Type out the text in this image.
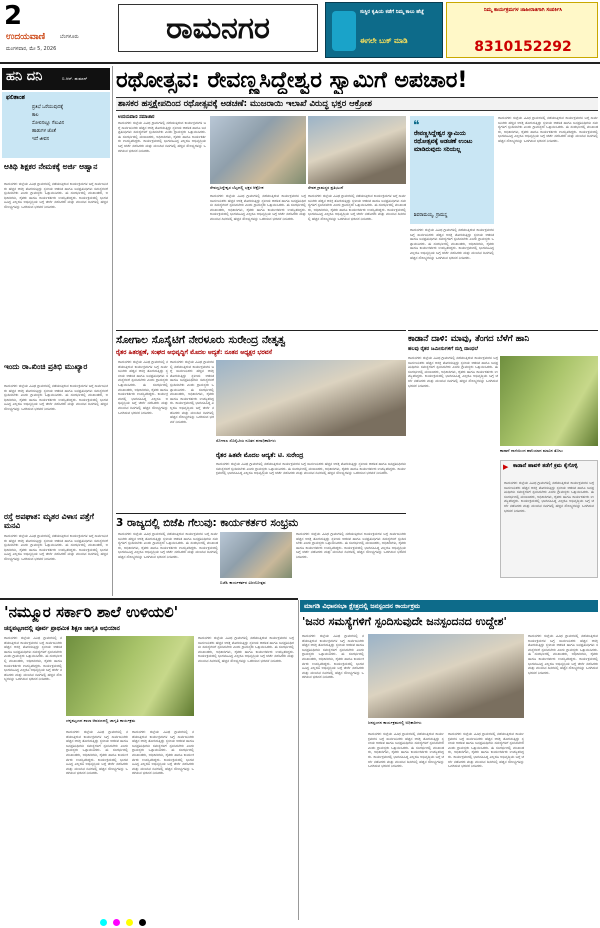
2
ಉದಯವಾಣಿ	ಬೆಂಗಳೂರು
ಮಂಗಳವಾರ, ಮೇ 5, 2026
ರಾಮನಗರ	ಸುಸ್ಥಿರ ಕೃಷಿಯ ಕಡೆಗೆ ನಿಮ್ಮ ಕಾಲು ಹೆಜ್ಜೆ
ಈಗಲೇ ಬುಕ್ ಮಾಡಿ
ನಿಮ್ಮ ಕಾರ್ಯಕ್ರಮಗಳ ಜಾಹೀರಾತಿಗಾಗಿ ಸಂಪರ್ಕಿಸಿ
8310152292
ಹನಿ ದನಿ	ಬಿ.ಆರ್. ಹುಮಾನ್
ಫಲಿತಾಂಶ
ಪ್ರತಿಭೆ ಒರೆಯುವುದಕ್ಕೆ
ಕಾಲ
ಸೋಲಿನಲ್ಲೂ ಗೆಲುವಿನ
ಹಾಡುಗಳ ಜೊತೆ
ಇದೆ ಜೀವನ
ಆತಿಥಿ ಶಿಕ್ಷಕರ ನೇಮಕಕ್ಕೆ ಅರ್ಜಿ ಆಹ್ವಾನ
ರಾಮನಗರ: ಜಿಲ್ಲೆಯ ವಿವಿಧ ಗ್ರಾಮಗಳಲ್ಲಿ ನಡೆಯುತ್ತಿರುವ ಕಾರ್ಯಕ್ರಮಗಳ ಬಗ್ಗೆ ಸಾರ್ವಜನಿಕರು ಹೆಚ್ಚಿನ ಆಸಕ್ತಿ ತೋರಿಸುತ್ತಿದ್ದು ಸ್ಥಳೀಯ ಆಡಳಿತ ಹಾಗೂ ಜನಪ್ರತಿನಿಧಿಗಳು ಸಮಸ್ಯೆಗಳಿಗೆ ಸ್ಪಂದಿಸಬೇಕು ಎಂದು ಗ್ರಾಮಸ್ಥರು ಒತ್ತಾಯಿಸಿದರು. ಈ ಸಂದರ್ಭದಲ್ಲಿ ಮುಖಂಡರು, ಅಧಿಕಾರಿಗಳು, ರೈತರು ಹಾಗೂ ಕಾರ್ಯಕರ್ತರು ಉಪಸ್ಥಿತರಿದ್ದರು. ಕಾರ್ಯಕ್ರಮದಲ್ಲಿ ಭಾಗವಹಿಸಿದ್ದ ಎಲ್ಲರೂ ಅಭಿವೃದ್ಧಿಯ ಬಗ್ಗೆ ಚರ್ಚೆ ನಡೆಸಿದರು ಮತ್ತು ಮುಂದಿನ ದಿನಗಳಲ್ಲಿ ಹೆಚ್ಚಿನ ಸೌಲಭ್ಯಗಳನ್ನು ಒದಗಿಸುವ ಭರವಸೆ ನೀಡಿದರು.
ಇಂದು ರಾ.ಖಿಂಚಿ ಪ್ರತಿಭಿ ಮುಖ್ಯಾರ
ರಾಮನಗರ: ಜಿಲ್ಲೆಯ ವಿವಿಧ ಗ್ರಾಮಗಳಲ್ಲಿ ನಡೆಯುತ್ತಿರುವ ಕಾರ್ಯಕ್ರಮಗಳ ಬಗ್ಗೆ ಸಾರ್ವಜನಿಕರು ಹೆಚ್ಚಿನ ಆಸಕ್ತಿ ತೋರಿಸುತ್ತಿದ್ದು ಸ್ಥಳೀಯ ಆಡಳಿತ ಹಾಗೂ ಜನಪ್ರತಿನಿಧಿಗಳು ಸಮಸ್ಯೆಗಳಿಗೆ ಸ್ಪಂದಿಸಬೇಕು ಎಂದು ಗ್ರಾಮಸ್ಥರು ಒತ್ತಾಯಿಸಿದರು. ಈ ಸಂದರ್ಭದಲ್ಲಿ ಮುಖಂಡರು, ಅಧಿಕಾರಿಗಳು, ರೈತರು ಹಾಗೂ ಕಾರ್ಯಕರ್ತರು ಉಪಸ್ಥಿತರಿದ್ದರು. ಕಾರ್ಯಕ್ರಮದಲ್ಲಿ ಭಾಗವಹಿಸಿದ್ದ ಎಲ್ಲರೂ ಅಭಿವೃದ್ಧಿಯ ಬಗ್ಗೆ ಚರ್ಚೆ ನಡೆಸಿದರು ಮತ್ತು ಮುಂದಿನ ದಿನಗಳಲ್ಲಿ ಹೆಚ್ಚಿನ ಸೌಲಭ್ಯಗಳನ್ನು ಒದಗಿಸುವ ಭರವಸೆ ನೀಡಿದರು.
ರಸ್ತೆ ಅಪಘಾತ: ಮೃತರ ವಿಳಾಸ ಪತ್ತೆಗೆ ಮನವಿ
ರಾಮನಗರ: ಜಿಲ್ಲೆಯ ವಿವಿಧ ಗ್ರಾಮಗಳಲ್ಲಿ ನಡೆಯುತ್ತಿರುವ ಕಾರ್ಯಕ್ರಮಗಳ ಬಗ್ಗೆ ಸಾರ್ವಜನಿಕರು ಹೆಚ್ಚಿನ ಆಸಕ್ತಿ ತೋರಿಸುತ್ತಿದ್ದು ಸ್ಥಳೀಯ ಆಡಳಿತ ಹಾಗೂ ಜನಪ್ರತಿನಿಧಿಗಳು ಸಮಸ್ಯೆಗಳಿಗೆ ಸ್ಪಂದಿಸಬೇಕು ಎಂದು ಗ್ರಾಮಸ್ಥರು ಒತ್ತಾಯಿಸಿದರು. ಈ ಸಂದರ್ಭದಲ್ಲಿ ಮುಖಂಡರು, ಅಧಿಕಾರಿಗಳು, ರೈತರು ಹಾಗೂ ಕಾರ್ಯಕರ್ತರು ಉಪಸ್ಥಿತರಿದ್ದರು. ಕಾರ್ಯಕ್ರಮದಲ್ಲಿ ಭಾಗವಹಿಸಿದ್ದ ಎಲ್ಲರೂ ಅಭಿವೃದ್ಧಿಯ ಬಗ್ಗೆ ಚರ್ಚೆ ನಡೆಸಿದರು ಮತ್ತು ಮುಂದಿನ ದಿನಗಳಲ್ಲಿ ಹೆಚ್ಚಿನ ಸೌಲಭ್ಯಗಳನ್ನು ಒದಗಿಸುವ ಭರವಸೆ ನೀಡಿದರು.
ರಥೋತ್ಸವ: ರೇವಣ್ಣಸಿದ್ದೇಶ್ವರ ಸ್ವಾಮಿಗೆ ಅಪಚಾರ!
ಶಾಸಕರ ಹಸ್ತಕ್ಷೇಪದಿಂದ ರಥೋತ್ಸವಕ್ಕೆ ಅಡಚಣೆ: ಮುಜರಾಯಿ ಇಲಾಖೆ ವಿರುದ್ಧ ಭಕ್ತರ ಆಕ್ರೋಶ
ಉದಯವಾಣಿ ಸಮಾಚಾರ
ರಾಮನಗರ: ಜಿಲ್ಲೆಯ ವಿವಿಧ ಗ್ರಾಮಗಳಲ್ಲಿ ನಡೆಯುತ್ತಿರುವ ಕಾರ್ಯಕ್ರಮಗಳ ಬಗ್ಗೆ ಸಾರ್ವಜನಿಕರು ಹೆಚ್ಚಿನ ಆಸಕ್ತಿ ತೋರಿಸುತ್ತಿದ್ದು ಸ್ಥಳೀಯ ಆಡಳಿತ ಹಾಗೂ ಜನಪ್ರತಿನಿಧಿಗಳು ಸಮಸ್ಯೆಗಳಿಗೆ ಸ್ಪಂದಿಸಬೇಕು ಎಂದು ಗ್ರಾಮಸ್ಥರು ಒತ್ತಾಯಿಸಿದರು. ಈ ಸಂದರ್ಭದಲ್ಲಿ ಮುಖಂಡರು, ಅಧಿಕಾರಿಗಳು, ರೈತರು ಹಾಗೂ ಕಾರ್ಯಕರ್ತರು ಉಪಸ್ಥಿತರಿದ್ದರು. ಕಾರ್ಯಕ್ರಮದಲ್ಲಿ ಭಾಗವಹಿಸಿದ್ದ ಎಲ್ಲರೂ ಅಭಿವೃದ್ಧಿಯ ಬಗ್ಗೆ ಚರ್ಚೆ ನಡೆಸಿದರು ಮತ್ತು ಮುಂದಿನ ದಿನಗಳಲ್ಲಿ ಹೆಚ್ಚಿನ ಸೌಲಭ್ಯಗಳನ್ನು ಒದಗಿಸುವ ಭರವಸೆ ನೀಡಿದರು.
ರೇವಣ್ಣಸಿದ್ದೇಶ್ವರ ಬೆಟ್ಟದಲ್ಲಿ ಭಕ್ತರ ಆಕ್ರೋಶ	ಸೇವಕ ಗ್ರಾಮಸ್ಥರ ಪ್ರತಿಭಟನೆ
ರಾಮನಗರ: ಜಿಲ್ಲೆಯ ವಿವಿಧ ಗ್ರಾಮಗಳಲ್ಲಿ ನಡೆಯುತ್ತಿರುವ ಕಾರ್ಯಕ್ರಮಗಳ ಬಗ್ಗೆ ಸಾರ್ವಜನಿಕರು ಹೆಚ್ಚಿನ ಆಸಕ್ತಿ ತೋರಿಸುತ್ತಿದ್ದು ಸ್ಥಳೀಯ ಆಡಳಿತ ಹಾಗೂ ಜನಪ್ರತಿನಿಧಿಗಳು ಸಮಸ್ಯೆಗಳಿಗೆ ಸ್ಪಂದಿಸಬೇಕು ಎಂದು ಗ್ರಾಮಸ್ಥರು ಒತ್ತಾಯಿಸಿದರು. ಈ ಸಂದರ್ಭದಲ್ಲಿ ಮುಖಂಡರು, ಅಧಿಕಾರಿಗಳು, ರೈತರು ಹಾಗೂ ಕಾರ್ಯಕರ್ತರು ಉಪಸ್ಥಿತರಿದ್ದರು. ಕಾರ್ಯಕ್ರಮದಲ್ಲಿ ಭಾಗವಹಿಸಿದ್ದ ಎಲ್ಲರೂ ಅಭಿವೃದ್ಧಿಯ ಬಗ್ಗೆ ಚರ್ಚೆ ನಡೆಸಿದರು ಮತ್ತು ಮುಂದಿನ ದಿನಗಳಲ್ಲಿ ಹೆಚ್ಚಿನ ಸೌಲಭ್ಯಗಳನ್ನು ಒದಗಿಸುವ ಭರವಸೆ ನೀಡಿದರು.
ರಾಮನಗರ: ಜಿಲ್ಲೆಯ ವಿವಿಧ ಗ್ರಾಮಗಳಲ್ಲಿ ನಡೆಯುತ್ತಿರುವ ಕಾರ್ಯಕ್ರಮಗಳ ಬಗ್ಗೆ ಸಾರ್ವಜನಿಕರು ಹೆಚ್ಚಿನ ಆಸಕ್ತಿ ತೋರಿಸುತ್ತಿದ್ದು ಸ್ಥಳೀಯ ಆಡಳಿತ ಹಾಗೂ ಜನಪ್ರತಿನಿಧಿಗಳು ಸಮಸ್ಯೆಗಳಿಗೆ ಸ್ಪಂದಿಸಬೇಕು ಎಂದು ಗ್ರಾಮಸ್ಥರು ಒತ್ತಾಯಿಸಿದರು. ಈ ಸಂದರ್ಭದಲ್ಲಿ ಮುಖಂಡರು, ಅಧಿಕಾರಿಗಳು, ರೈತರು ಹಾಗೂ ಕಾರ್ಯಕರ್ತರು ಉಪಸ್ಥಿತರಿದ್ದರು. ಕಾರ್ಯಕ್ರಮದಲ್ಲಿ ಭಾಗವಹಿಸಿದ್ದ ಎಲ್ಲರೂ ಅಭಿವೃದ್ಧಿಯ ಬಗ್ಗೆ ಚರ್ಚೆ ನಡೆಸಿದರು ಮತ್ತು ಮುಂದಿನ ದಿನಗಳಲ್ಲಿ ಹೆಚ್ಚಿನ ಸೌಲಭ್ಯಗಳನ್ನು ಒದಗಿಸುವ ಭರವಸೆ ನೀಡಿದರು.
❝
ರೇವಣ್ಣಸಿದ್ದೇಶ್ವರ ಸ್ವಾಮಿಯ ರಥೋತ್ಸವಕ್ಕೆ ಅಡಚಣೆ ಉಂಟು ಮಾಡಿರುವುದು ಸರಿಯಲ್ಲ
ಶಿವರಾಮಯ್ಯ, ಗ್ರಾಮಸ್ಥ
ರಾಮನಗರ: ಜಿಲ್ಲೆಯ ವಿವಿಧ ಗ್ರಾಮಗಳಲ್ಲಿ ನಡೆಯುತ್ತಿರುವ ಕಾರ್ಯಕ್ರಮಗಳ ಬಗ್ಗೆ ಸಾರ್ವಜನಿಕರು ಹೆಚ್ಚಿನ ಆಸಕ್ತಿ ತೋರಿಸುತ್ತಿದ್ದು ಸ್ಥಳೀಯ ಆಡಳಿತ ಹಾಗೂ ಜನಪ್ರತಿನಿಧಿಗಳು ಸಮಸ್ಯೆಗಳಿಗೆ ಸ್ಪಂದಿಸಬೇಕು ಎಂದು ಗ್ರಾಮಸ್ಥರು ಒತ್ತಾಯಿಸಿದರು. ಈ ಸಂದರ್ಭದಲ್ಲಿ ಮುಖಂಡರು, ಅಧಿಕಾರಿಗಳು, ರೈತರು ಹಾಗೂ ಕಾರ್ಯಕರ್ತರು ಉಪಸ್ಥಿತರಿದ್ದರು. ಕಾರ್ಯಕ್ರಮದಲ್ಲಿ ಭಾಗವಹಿಸಿದ್ದ ಎಲ್ಲರೂ ಅಭಿವೃದ್ಧಿಯ ಬಗ್ಗೆ ಚರ್ಚೆ ನಡೆಸಿದರು ಮತ್ತು ಮುಂದಿನ ದಿನಗಳಲ್ಲಿ ಹೆಚ್ಚಿನ ಸೌಲಭ್ಯಗಳನ್ನು ಒದಗಿಸುವ ಭರವಸೆ ನೀಡಿದರು.
ರಾಮನಗರ: ಜಿಲ್ಲೆಯ ವಿವಿಧ ಗ್ರಾಮಗಳಲ್ಲಿ ನಡೆಯುತ್ತಿರುವ ಕಾರ್ಯಕ್ರಮಗಳ ಬಗ್ಗೆ ಸಾರ್ವಜನಿಕರು ಹೆಚ್ಚಿನ ಆಸಕ್ತಿ ತೋರಿಸುತ್ತಿದ್ದು ಸ್ಥಳೀಯ ಆಡಳಿತ ಹಾಗೂ ಜನಪ್ರತಿನಿಧಿಗಳು ಸಮಸ್ಯೆಗಳಿಗೆ ಸ್ಪಂದಿಸಬೇಕು ಎಂದು ಗ್ರಾಮಸ್ಥರು ಒತ್ತಾಯಿಸಿದರು. ಈ ಸಂದರ್ಭದಲ್ಲಿ ಮುಖಂಡರು, ಅಧಿಕಾರಿಗಳು, ರೈತರು ಹಾಗೂ ಕಾರ್ಯಕರ್ತರು ಉಪಸ್ಥಿತರಿದ್ದರು. ಕಾರ್ಯಕ್ರಮದಲ್ಲಿ ಭಾಗವಹಿಸಿದ್ದ ಎಲ್ಲರೂ ಅಭಿವೃದ್ಧಿಯ ಬಗ್ಗೆ ಚರ್ಚೆ ನಡೆಸಿದರು ಮತ್ತು ಮುಂದಿನ ದಿನಗಳಲ್ಲಿ ಹೆಚ್ಚಿನ ಸೌಲಭ್ಯಗಳನ್ನು ಒದಗಿಸುವ ಭರವಸೆ ನೀಡಿದರು.
ಸೋಗಾಲ ಸೊಸೈಟಿಗೆ ನೇರಳೂರು ಸುರೇಂದ್ರ ನೇತೃತ್ವ
ರೈತರ ಹಿತರಕ್ಷಣೆ, ಸಂಘದ ಅಭಿವೃದ್ಧಿಗೆ ಮೊದಲ ಆದ್ಯತೆ: ನೂತನ ಅಧ್ಯಕ್ಷರ ಭರವಸೆ
ರಾಮನಗರ: ಜಿಲ್ಲೆಯ ವಿವಿಧ ಗ್ರಾಮಗಳಲ್ಲಿ ನಡೆಯುತ್ತಿರುವ ಕಾರ್ಯಕ್ರಮಗಳ ಬಗ್ಗೆ ಸಾರ್ವಜನಿಕರು ಹೆಚ್ಚಿನ ಆಸಕ್ತಿ ತೋರಿಸುತ್ತಿದ್ದು ಸ್ಥಳೀಯ ಆಡಳಿತ ಹಾಗೂ ಜನಪ್ರತಿನಿಧಿಗಳು ಸಮಸ್ಯೆಗಳಿಗೆ ಸ್ಪಂದಿಸಬೇಕು ಎಂದು ಗ್ರಾಮಸ್ಥರು ಒತ್ತಾಯಿಸಿದರು. ಈ ಸಂದರ್ಭದಲ್ಲಿ ಮುಖಂಡರು, ಅಧಿಕಾರಿಗಳು, ರೈತರು ಹಾಗೂ ಕಾರ್ಯಕರ್ತರು ಉಪಸ್ಥಿತರಿದ್ದರು. ಕಾರ್ಯಕ್ರಮದಲ್ಲಿ ಭಾಗವಹಿಸಿದ್ದ ಎಲ್ಲರೂ ಅಭಿವೃದ್ಧಿಯ ಬಗ್ಗೆ ಚರ್ಚೆ ನಡೆಸಿದರು ಮತ್ತು ಮುಂದಿನ ದಿನಗಳಲ್ಲಿ ಹೆಚ್ಚಿನ ಸೌಲಭ್ಯಗಳನ್ನು ಒದಗಿಸುವ ಭರವಸೆ ನೀಡಿದರು.
ರಾಮನಗರ: ಜಿಲ್ಲೆಯ ವಿವಿಧ ಗ್ರಾಮಗಳಲ್ಲಿ ನಡೆಯುತ್ತಿರುವ ಕಾರ್ಯಕ್ರಮಗಳ ಬಗ್ಗೆ ಸಾರ್ವಜನಿಕರು ಹೆಚ್ಚಿನ ಆಸಕ್ತಿ ತೋರಿಸುತ್ತಿದ್ದು ಸ್ಥಳೀಯ ಆಡಳಿತ ಹಾಗೂ ಜನಪ್ರತಿನಿಧಿಗಳು ಸಮಸ್ಯೆಗಳಿಗೆ ಸ್ಪಂದಿಸಬೇಕು ಎಂದು ಗ್ರಾಮಸ್ಥರು ಒತ್ತಾಯಿಸಿದರು. ಈ ಸಂದರ್ಭದಲ್ಲಿ ಮುಖಂಡರು, ಅಧಿಕಾರಿಗಳು, ರೈತರು ಹಾಗೂ ಕಾರ್ಯಕರ್ತರು ಉಪಸ್ಥಿತರಿದ್ದರು. ಕಾರ್ಯಕ್ರಮದಲ್ಲಿ ಭಾಗವಹಿಸಿದ್ದ ಎಲ್ಲರೂ ಅಭಿವೃದ್ಧಿಯ ಬಗ್ಗೆ ಚರ್ಚೆ ನಡೆಸಿದರು ಮತ್ತು ಮುಂದಿನ ದಿನಗಳಲ್ಲಿ ಹೆಚ್ಚಿನ ಸೌಲಭ್ಯಗಳನ್ನು ಒದಗಿಸುವ ಭರವಸೆ ನೀಡಿದರು.
ಸೋಗಾಲ ಸೊಸೈಟಿಯ ನೂತನ ಪದಾಧಿಕಾರಿಗಳು
ರೈತರ ಹಿತವೇ ಮೊದಲ ಆದ್ಯತೆ: ಟಿ. ಸುರೇಂದ್ರ
ರಾಮನಗರ: ಜಿಲ್ಲೆಯ ವಿವಿಧ ಗ್ರಾಮಗಳಲ್ಲಿ ನಡೆಯುತ್ತಿರುವ ಕಾರ್ಯಕ್ರಮಗಳ ಬಗ್ಗೆ ಸಾರ್ವಜನಿಕರು ಹೆಚ್ಚಿನ ಆಸಕ್ತಿ ತೋರಿಸುತ್ತಿದ್ದು ಸ್ಥಳೀಯ ಆಡಳಿತ ಹಾಗೂ ಜನಪ್ರತಿನಿಧಿಗಳು ಸಮಸ್ಯೆಗಳಿಗೆ ಸ್ಪಂದಿಸಬೇಕು ಎಂದು ಗ್ರಾಮಸ್ಥರು ಒತ್ತಾಯಿಸಿದರು. ಈ ಸಂದರ್ಭದಲ್ಲಿ ಮುಖಂಡರು, ಅಧಿಕಾರಿಗಳು, ರೈತರು ಹಾಗೂ ಕಾರ್ಯಕರ್ತರು ಉಪಸ್ಥಿತರಿದ್ದರು. ಕಾರ್ಯಕ್ರಮದಲ್ಲಿ ಭಾಗವಹಿಸಿದ್ದ ಎಲ್ಲರೂ ಅಭಿವೃದ್ಧಿಯ ಬಗ್ಗೆ ಚರ್ಚೆ ನಡೆಸಿದರು ಮತ್ತು ಮುಂದಿನ ದಿನಗಳಲ್ಲಿ ಹೆಚ್ಚಿನ ಸೌಲಭ್ಯಗಳನ್ನು ಒದಗಿಸುವ ಭರವಸೆ ನೀಡಿದರು.
ಕಾಡಾನೆ ದಾಳಿ: ಮಾವು, ತೆಂಗದ ಬೆಳೆಗೆ ಹಾನಿ
ಹಲವು ರೈತರ ಜಮೀನುಗಳಿಗೆ ನುಗ್ಗಿ ದಾಂಧಲೆ
ರಾಮನಗರ: ಜಿಲ್ಲೆಯ ವಿವಿಧ ಗ್ರಾಮಗಳಲ್ಲಿ ನಡೆಯುತ್ತಿರುವ ಕಾರ್ಯಕ್ರಮಗಳ ಬಗ್ಗೆ ಸಾರ್ವಜನಿಕರು ಹೆಚ್ಚಿನ ಆಸಕ್ತಿ ತೋರಿಸುತ್ತಿದ್ದು ಸ್ಥಳೀಯ ಆಡಳಿತ ಹಾಗೂ ಜನಪ್ರತಿನಿಧಿಗಳು ಸಮಸ್ಯೆಗಳಿಗೆ ಸ್ಪಂದಿಸಬೇಕು ಎಂದು ಗ್ರಾಮಸ್ಥರು ಒತ್ತಾಯಿಸಿದರು. ಈ ಸಂದರ್ಭದಲ್ಲಿ ಮುಖಂಡರು, ಅಧಿಕಾರಿಗಳು, ರೈತರು ಹಾಗೂ ಕಾರ್ಯಕರ್ತರು ಉಪಸ್ಥಿತರಿದ್ದರು. ಕಾರ್ಯಕ್ರಮದಲ್ಲಿ ಭಾಗವಹಿಸಿದ್ದ ಎಲ್ಲರೂ ಅಭಿವೃದ್ಧಿಯ ಬಗ್ಗೆ ಚರ್ಚೆ ನಡೆಸಿದರು ಮತ್ತು ಮುಂದಿನ ದಿನಗಳಲ್ಲಿ ಹೆಚ್ಚಿನ ಸೌಲಭ್ಯಗಳನ್ನು ಒದಗಿಸುವ ಭರವಸೆ ನೀಡಿದರು.
ಕಾಡಾನೆ ದಾಳಿಯಿಂದ ಹಾನಿಯಾದ ಮಾವಿನ ತೋಟ
▶ ಕಾಡಾನೆ ಹಾವಳಿ ತಡೆಗೆ ಕ್ರಮ ಕೈಗೊಳ್ಳಿ
ರಾಮನಗರ: ಜಿಲ್ಲೆಯ ವಿವಿಧ ಗ್ರಾಮಗಳಲ್ಲಿ ನಡೆಯುತ್ತಿರುವ ಕಾರ್ಯಕ್ರಮಗಳ ಬಗ್ಗೆ ಸಾರ್ವಜನಿಕರು ಹೆಚ್ಚಿನ ಆಸಕ್ತಿ ತೋರಿಸುತ್ತಿದ್ದು ಸ್ಥಳೀಯ ಆಡಳಿತ ಹಾಗೂ ಜನಪ್ರತಿನಿಧಿಗಳು ಸಮಸ್ಯೆಗಳಿಗೆ ಸ್ಪಂದಿಸಬೇಕು ಎಂದು ಗ್ರಾಮಸ್ಥರು ಒತ್ತಾಯಿಸಿದರು. ಈ ಸಂದರ್ಭದಲ್ಲಿ ಮುಖಂಡರು, ಅಧಿಕಾರಿಗಳು, ರೈತರು ಹಾಗೂ ಕಾರ್ಯಕರ್ತರು ಉಪಸ್ಥಿತರಿದ್ದರು. ಕಾರ್ಯಕ್ರಮದಲ್ಲಿ ಭಾಗವಹಿಸಿದ್ದ ಎಲ್ಲರೂ ಅಭಿವೃದ್ಧಿಯ ಬಗ್ಗೆ ಚರ್ಚೆ ನಡೆಸಿದರು ಮತ್ತು ಮುಂದಿನ ದಿನಗಳಲ್ಲಿ ಹೆಚ್ಚಿನ ಸೌಲಭ್ಯಗಳನ್ನು ಒದಗಿಸುವ ಭರವಸೆ ನೀಡಿದರು.
3 ರಾಜ್ಯದಲ್ಲಿ ಬಿಜೆಪಿ ಗೆಲುವು: ಕಾರ್ಯಕರ್ತರ ಸಂಭ್ರಮ
ರಾಮನಗರ: ಜಿಲ್ಲೆಯ ವಿವಿಧ ಗ್ರಾಮಗಳಲ್ಲಿ ನಡೆಯುತ್ತಿರುವ ಕಾರ್ಯಕ್ರಮಗಳ ಬಗ್ಗೆ ಸಾರ್ವಜನಿಕರು ಹೆಚ್ಚಿನ ಆಸಕ್ತಿ ತೋರಿಸುತ್ತಿದ್ದು ಸ್ಥಳೀಯ ಆಡಳಿತ ಹಾಗೂ ಜನಪ್ರತಿನಿಧಿಗಳು ಸಮಸ್ಯೆಗಳಿಗೆ ಸ್ಪಂದಿಸಬೇಕು ಎಂದು ಗ್ರಾಮಸ್ಥರು ಒತ್ತಾಯಿಸಿದರು. ಈ ಸಂದರ್ಭದಲ್ಲಿ ಮುಖಂಡರು, ಅಧಿಕಾರಿಗಳು, ರೈತರು ಹಾಗೂ ಕಾರ್ಯಕರ್ತರು ಉಪಸ್ಥಿತರಿದ್ದರು. ಕಾರ್ಯಕ್ರಮದಲ್ಲಿ ಭಾಗವಹಿಸಿದ್ದ ಎಲ್ಲರೂ ಅಭಿವೃದ್ಧಿಯ ಬಗ್ಗೆ ಚರ್ಚೆ ನಡೆಸಿದರು ಮತ್ತು ಮುಂದಿನ ದಿನಗಳಲ್ಲಿ ಹೆಚ್ಚಿನ ಸೌಲಭ್ಯಗಳನ್ನು ಒದಗಿಸುವ ಭರವಸೆ ನೀಡಿದರು.
ಬಿಜೆಪಿ ಕಾರ್ಯಕರ್ತರ ವಿಜಯೋತ್ಸವ
ರಾಮನಗರ: ಜಿಲ್ಲೆಯ ವಿವಿಧ ಗ್ರಾಮಗಳಲ್ಲಿ ನಡೆಯುತ್ತಿರುವ ಕಾರ್ಯಕ್ರಮಗಳ ಬಗ್ಗೆ ಸಾರ್ವಜನಿಕರು ಹೆಚ್ಚಿನ ಆಸಕ್ತಿ ತೋರಿಸುತ್ತಿದ್ದು ಸ್ಥಳೀಯ ಆಡಳಿತ ಹಾಗೂ ಜನಪ್ರತಿನಿಧಿಗಳು ಸಮಸ್ಯೆಗಳಿಗೆ ಸ್ಪಂದಿಸಬೇಕು ಎಂದು ಗ್ರಾಮಸ್ಥರು ಒತ್ತಾಯಿಸಿದರು. ಈ ಸಂದರ್ಭದಲ್ಲಿ ಮುಖಂಡರು, ಅಧಿಕಾರಿಗಳು, ರೈತರು ಹಾಗೂ ಕಾರ್ಯಕರ್ತರು ಉಪಸ್ಥಿತರಿದ್ದರು. ಕಾರ್ಯಕ್ರಮದಲ್ಲಿ ಭಾಗವಹಿಸಿದ್ದ ಎಲ್ಲರೂ ಅಭಿವೃದ್ಧಿಯ ಬಗ್ಗೆ ಚರ್ಚೆ ನಡೆಸಿದರು ಮತ್ತು ಮುಂದಿನ ದಿನಗಳಲ್ಲಿ ಹೆಚ್ಚಿನ ಸೌಲಭ್ಯಗಳನ್ನು ಒದಗಿಸುವ ಭರವಸೆ ನೀಡಿದರು.
ಮಾಗಡಿ ವಿಧಾನಸಭಾ ಕ್ಷೇತ್ರದಲ್ಲಿ ಜನಸ್ಪಂದನ ಕಾರ್ಯಕ್ರಮ
'ನಮ್ಮೂರ ಸರ್ಕಾರಿ ಶಾಲೆ ಉಳಿಯಲಿ'
ಚನ್ನಪಟ್ಟಣದಲ್ಲಿ ಪೂರ್ವ ಪ್ರಾಥಮಿಕ ಶಿಕ್ಷಣ ಜಾಗೃತಿ ಅಭಿಯಾನ
ರಾಮನಗರ: ಜಿಲ್ಲೆಯ ವಿವಿಧ ಗ್ರಾಮಗಳಲ್ಲಿ ನಡೆಯುತ್ತಿರುವ ಕಾರ್ಯಕ್ರಮಗಳ ಬಗ್ಗೆ ಸಾರ್ವಜನಿಕರು ಹೆಚ್ಚಿನ ಆಸಕ್ತಿ ತೋರಿಸುತ್ತಿದ್ದು ಸ್ಥಳೀಯ ಆಡಳಿತ ಹಾಗೂ ಜನಪ್ರತಿನಿಧಿಗಳು ಸಮಸ್ಯೆಗಳಿಗೆ ಸ್ಪಂದಿಸಬೇಕು ಎಂದು ಗ್ರಾಮಸ್ಥರು ಒತ್ತಾಯಿಸಿದರು. ಈ ಸಂದರ್ಭದಲ್ಲಿ ಮುಖಂಡರು, ಅಧಿಕಾರಿಗಳು, ರೈತರು ಹಾಗೂ ಕಾರ್ಯಕರ್ತರು ಉಪಸ್ಥಿತರಿದ್ದರು. ಕಾರ್ಯಕ್ರಮದಲ್ಲಿ ಭಾಗವಹಿಸಿದ್ದ ಎಲ್ಲರೂ ಅಭಿವೃದ್ಧಿಯ ಬಗ್ಗೆ ಚರ್ಚೆ ನಡೆಸಿದರು ಮತ್ತು ಮುಂದಿನ ದಿನಗಳಲ್ಲಿ ಹೆಚ್ಚಿನ ಸೌಲಭ್ಯಗಳನ್ನು ಒದಗಿಸುವ ಭರವಸೆ ನೀಡಿದರು.
ಚನ್ನಪಟ್ಟಣದ ಶಾಲಾ ಆವರಣದಲ್ಲಿ ಜಾಗೃತಿ ಕಾರ್ಯಕ್ರಮ
ರಾಮನಗರ: ಜಿಲ್ಲೆಯ ವಿವಿಧ ಗ್ರಾಮಗಳಲ್ಲಿ ನಡೆಯುತ್ತಿರುವ ಕಾರ್ಯಕ್ರಮಗಳ ಬಗ್ಗೆ ಸಾರ್ವಜನಿಕರು ಹೆಚ್ಚಿನ ಆಸಕ್ತಿ ತೋರಿಸುತ್ತಿದ್ದು ಸ್ಥಳೀಯ ಆಡಳಿತ ಹಾಗೂ ಜನಪ್ರತಿನಿಧಿಗಳು ಸಮಸ್ಯೆಗಳಿಗೆ ಸ್ಪಂದಿಸಬೇಕು ಎಂದು ಗ್ರಾಮಸ್ಥರು ಒತ್ತಾಯಿಸಿದರು. ಈ ಸಂದರ್ಭದಲ್ಲಿ ಮುಖಂಡರು, ಅಧಿಕಾರಿಗಳು, ರೈತರು ಹಾಗೂ ಕಾರ್ಯಕರ್ತರು ಉಪಸ್ಥಿತರಿದ್ದರು. ಕಾರ್ಯಕ್ರಮದಲ್ಲಿ ಭಾಗವಹಿಸಿದ್ದ ಎಲ್ಲರೂ ಅಭಿವೃದ್ಧಿಯ ಬಗ್ಗೆ ಚರ್ಚೆ ನಡೆಸಿದರು ಮತ್ತು ಮುಂದಿನ ದಿನಗಳಲ್ಲಿ ಹೆಚ್ಚಿನ ಸೌಲಭ್ಯಗಳನ್ನು ಒದಗಿಸುವ ಭರವಸೆ ನೀಡಿದರು.
ರಾಮನಗರ: ಜಿಲ್ಲೆಯ ವಿವಿಧ ಗ್ರಾಮಗಳಲ್ಲಿ ನಡೆಯುತ್ತಿರುವ ಕಾರ್ಯಕ್ರಮಗಳ ಬಗ್ಗೆ ಸಾರ್ವಜನಿಕರು ಹೆಚ್ಚಿನ ಆಸಕ್ತಿ ತೋರಿಸುತ್ತಿದ್ದು ಸ್ಥಳೀಯ ಆಡಳಿತ ಹಾಗೂ ಜನಪ್ರತಿನಿಧಿಗಳು ಸಮಸ್ಯೆಗಳಿಗೆ ಸ್ಪಂದಿಸಬೇಕು ಎಂದು ಗ್ರಾಮಸ್ಥರು ಒತ್ತಾಯಿಸಿದರು. ಈ ಸಂದರ್ಭದಲ್ಲಿ ಮುಖಂಡರು, ಅಧಿಕಾರಿಗಳು, ರೈತರು ಹಾಗೂ ಕಾರ್ಯಕರ್ತರು ಉಪಸ್ಥಿತರಿದ್ದರು. ಕಾರ್ಯಕ್ರಮದಲ್ಲಿ ಭಾಗವಹಿಸಿದ್ದ ಎಲ್ಲರೂ ಅಭಿವೃದ್ಧಿಯ ಬಗ್ಗೆ ಚರ್ಚೆ ನಡೆಸಿದರು ಮತ್ತು ಮುಂದಿನ ದಿನಗಳಲ್ಲಿ ಹೆಚ್ಚಿನ ಸೌಲಭ್ಯಗಳನ್ನು ಒದಗಿಸುವ ಭರವಸೆ ನೀಡಿದರು.
ರಾಮನಗರ: ಜಿಲ್ಲೆಯ ವಿವಿಧ ಗ್ರಾಮಗಳಲ್ಲಿ ನಡೆಯುತ್ತಿರುವ ಕಾರ್ಯಕ್ರಮಗಳ ಬಗ್ಗೆ ಸಾರ್ವಜನಿಕರು ಹೆಚ್ಚಿನ ಆಸಕ್ತಿ ತೋರಿಸುತ್ತಿದ್ದು ಸ್ಥಳೀಯ ಆಡಳಿತ ಹಾಗೂ ಜನಪ್ರತಿನಿಧಿಗಳು ಸಮಸ್ಯೆಗಳಿಗೆ ಸ್ಪಂದಿಸಬೇಕು ಎಂದು ಗ್ರಾಮಸ್ಥರು ಒತ್ತಾಯಿಸಿದರು. ಈ ಸಂದರ್ಭದಲ್ಲಿ ಮುಖಂಡರು, ಅಧಿಕಾರಿಗಳು, ರೈತರು ಹಾಗೂ ಕಾರ್ಯಕರ್ತರು ಉಪಸ್ಥಿತರಿದ್ದರು. ಕಾರ್ಯಕ್ರಮದಲ್ಲಿ ಭಾಗವಹಿಸಿದ್ದ ಎಲ್ಲರೂ ಅಭಿವೃದ್ಧಿಯ ಬಗ್ಗೆ ಚರ್ಚೆ ನಡೆಸಿದರು ಮತ್ತು ಮುಂದಿನ ದಿನಗಳಲ್ಲಿ ಹೆಚ್ಚಿನ ಸೌಲಭ್ಯಗಳನ್ನು ಒದಗಿಸುವ ಭರವಸೆ ನೀಡಿದರು.
'ಜನರ ಸಮಸ್ಯೆಗಳಿಗೆ ಸ್ಪಂದಿಸುವುದೇ ಜನಸ್ಪಂದನದ ಉದ್ದೇಶ'
ರಾಮನಗರ: ಜಿಲ್ಲೆಯ ವಿವಿಧ ಗ್ರಾಮಗಳಲ್ಲಿ ನಡೆಯುತ್ತಿರುವ ಕಾರ್ಯಕ್ರಮಗಳ ಬಗ್ಗೆ ಸಾರ್ವಜನಿಕರು ಹೆಚ್ಚಿನ ಆಸಕ್ತಿ ತೋರಿಸುತ್ತಿದ್ದು ಸ್ಥಳೀಯ ಆಡಳಿತ ಹಾಗೂ ಜನಪ್ರತಿನಿಧಿಗಳು ಸಮಸ್ಯೆಗಳಿಗೆ ಸ್ಪಂದಿಸಬೇಕು ಎಂದು ಗ್ರಾಮಸ್ಥರು ಒತ್ತಾಯಿಸಿದರು. ಈ ಸಂದರ್ಭದಲ್ಲಿ ಮುಖಂಡರು, ಅಧಿಕಾರಿಗಳು, ರೈತರು ಹಾಗೂ ಕಾರ್ಯಕರ್ತರು ಉಪಸ್ಥಿತರಿದ್ದರು. ಕಾರ್ಯಕ್ರಮದಲ್ಲಿ ಭಾಗವಹಿಸಿದ್ದ ಎಲ್ಲರೂ ಅಭಿವೃದ್ಧಿಯ ಬಗ್ಗೆ ಚರ್ಚೆ ನಡೆಸಿದರು ಮತ್ತು ಮುಂದಿನ ದಿನಗಳಲ್ಲಿ ಹೆಚ್ಚಿನ ಸೌಲಭ್ಯಗಳನ್ನು ಒದಗಿಸುವ ಭರವಸೆ ನೀಡಿದರು.
ಜನಸ್ಪಂದನ ಕಾರ್ಯಕ್ರಮದಲ್ಲಿ ಅಧಿಕಾರಿಗಳು
ರಾಮನಗರ: ಜಿಲ್ಲೆಯ ವಿವಿಧ ಗ್ರಾಮಗಳಲ್ಲಿ ನಡೆಯುತ್ತಿರುವ ಕಾರ್ಯಕ್ರಮಗಳ ಬಗ್ಗೆ ಸಾರ್ವಜನಿಕರು ಹೆಚ್ಚಿನ ಆಸಕ್ತಿ ತೋರಿಸುತ್ತಿದ್ದು ಸ್ಥಳೀಯ ಆಡಳಿತ ಹಾಗೂ ಜನಪ್ರತಿನಿಧಿಗಳು ಸಮಸ್ಯೆಗಳಿಗೆ ಸ್ಪಂದಿಸಬೇಕು ಎಂದು ಗ್ರಾಮಸ್ಥರು ಒತ್ತಾಯಿಸಿದರು. ಈ ಸಂದರ್ಭದಲ್ಲಿ ಮುಖಂಡರು, ಅಧಿಕಾರಿಗಳು, ರೈತರು ಹಾಗೂ ಕಾರ್ಯಕರ್ತರು ಉಪಸ್ಥಿತರಿದ್ದರು. ಕಾರ್ಯಕ್ರಮದಲ್ಲಿ ಭಾಗವಹಿಸಿದ್ದ ಎಲ್ಲರೂ ಅಭಿವೃದ್ಧಿಯ ಬಗ್ಗೆ ಚರ್ಚೆ ನಡೆಸಿದರು ಮತ್ತು ಮುಂದಿನ ದಿನಗಳಲ್ಲಿ ಹೆಚ್ಚಿನ ಸೌಲಭ್ಯಗಳನ್ನು ಒದಗಿಸುವ ಭರವಸೆ ನೀಡಿದರು.
ರಾಮನಗರ: ಜಿಲ್ಲೆಯ ವಿವಿಧ ಗ್ರಾಮಗಳಲ್ಲಿ ನಡೆಯುತ್ತಿರುವ ಕಾರ್ಯಕ್ರಮಗಳ ಬಗ್ಗೆ ಸಾರ್ವಜನಿಕರು ಹೆಚ್ಚಿನ ಆಸಕ್ತಿ ತೋರಿಸುತ್ತಿದ್ದು ಸ್ಥಳೀಯ ಆಡಳಿತ ಹಾಗೂ ಜನಪ್ರತಿನಿಧಿಗಳು ಸಮಸ್ಯೆಗಳಿಗೆ ಸ್ಪಂದಿಸಬೇಕು ಎಂದು ಗ್ರಾಮಸ್ಥರು ಒತ್ತಾಯಿಸಿದರು. ಈ ಸಂದರ್ಭದಲ್ಲಿ ಮುಖಂಡರು, ಅಧಿಕಾರಿಗಳು, ರೈತರು ಹಾಗೂ ಕಾರ್ಯಕರ್ತರು ಉಪಸ್ಥಿತರಿದ್ದರು. ಕಾರ್ಯಕ್ರಮದಲ್ಲಿ ಭಾಗವಹಿಸಿದ್ದ ಎಲ್ಲರೂ ಅಭಿವೃದ್ಧಿಯ ಬಗ್ಗೆ ಚರ್ಚೆ ನಡೆಸಿದರು ಮತ್ತು ಮುಂದಿನ ದಿನಗಳಲ್ಲಿ ಹೆಚ್ಚಿನ ಸೌಲಭ್ಯಗಳನ್ನು ಒದಗಿಸುವ ಭರವಸೆ ನೀಡಿದರು.
ರಾಮನಗರ: ಜಿಲ್ಲೆಯ ವಿವಿಧ ಗ್ರಾಮಗಳಲ್ಲಿ ನಡೆಯುತ್ತಿರುವ ಕಾರ್ಯಕ್ರಮಗಳ ಬಗ್ಗೆ ಸಾರ್ವಜನಿಕರು ಹೆಚ್ಚಿನ ಆಸಕ್ತಿ ತೋರಿಸುತ್ತಿದ್ದು ಸ್ಥಳೀಯ ಆಡಳಿತ ಹಾಗೂ ಜನಪ್ರತಿನಿಧಿಗಳು ಸಮಸ್ಯೆಗಳಿಗೆ ಸ್ಪಂದಿಸಬೇಕು ಎಂದು ಗ್ರಾಮಸ್ಥರು ಒತ್ತಾಯಿಸಿದರು. ಈ ಸಂದರ್ಭದಲ್ಲಿ ಮುಖಂಡರು, ಅಧಿಕಾರಿಗಳು, ರೈತರು ಹಾಗೂ ಕಾರ್ಯಕರ್ತರು ಉಪಸ್ಥಿತರಿದ್ದರು. ಕಾರ್ಯಕ್ರಮದಲ್ಲಿ ಭಾಗವಹಿಸಿದ್ದ ಎಲ್ಲರೂ ಅಭಿವೃದ್ಧಿಯ ಬಗ್ಗೆ ಚರ್ಚೆ ನಡೆಸಿದರು ಮತ್ತು ಮುಂದಿನ ದಿನಗಳಲ್ಲಿ ಹೆಚ್ಚಿನ ಸೌಲಭ್ಯಗಳನ್ನು ಒದಗಿಸುವ ಭರವಸೆ ನೀಡಿದರು.
